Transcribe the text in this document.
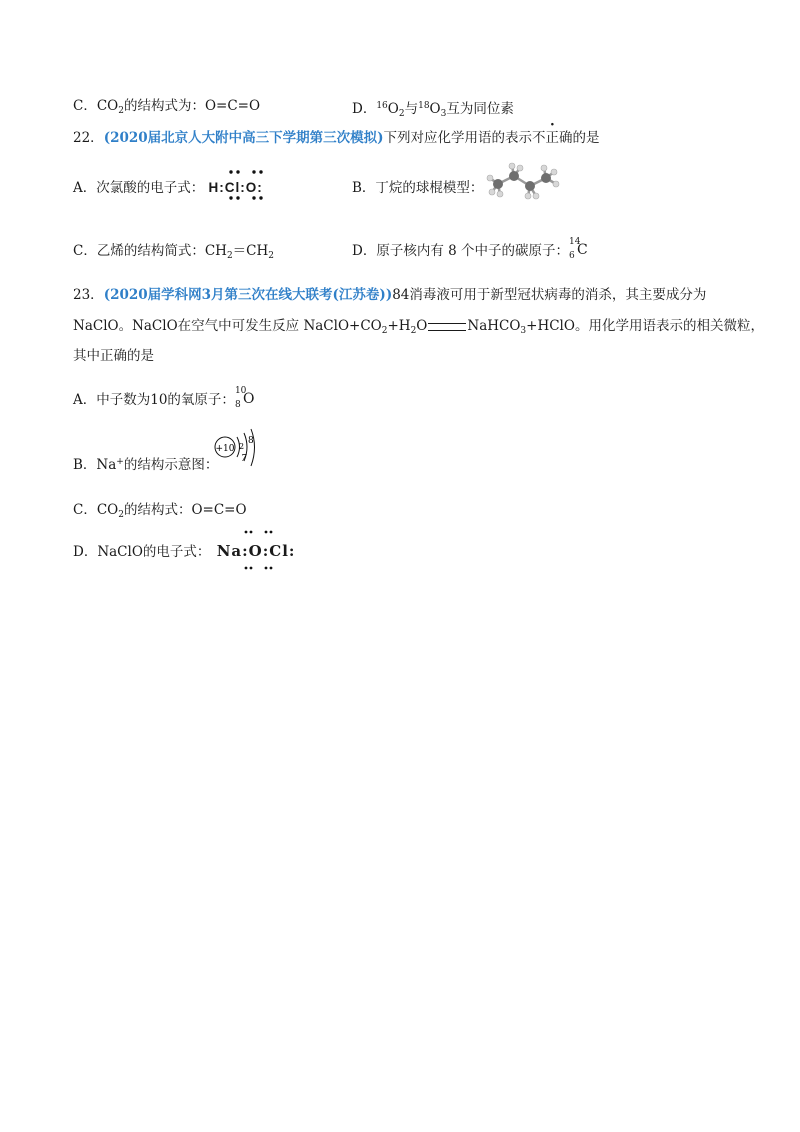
C．$CO_2$的结构式为：O=C=O	D．$^{16}O_2$与$^{18}O_3$互为同位素
22．(2020届北京人大附中高三下学期第三次模拟)下列对应化学用语的表示不正确的是
A．次氯酸的电子式： H:Cl:O:	B．丁烷的球棍模型：
C．乙烯的结构简式：$CH_2=CH_2$	D．原子核内有 8 个中子的碳原子：
14
6 C
23．(2020届学科网3月第三次在线大联考(江苏卷))84消毒液可用于新型冠状病毒的消杀，其主要成分为
NaClO。NaClO在空气中可发生反应 $NaClO+CO_2+H_2O$	NaHCO$_3$+HClO。用化学用语表示的相关微粒，
其中正确的是
A．中子数为10的氧原子：
10
8 O
B．Na+的结构示意图：
+10 2
7
8
C．$CO_2$的结构式：O=C=O
D．NaClO的电子式： Na:O:Cl:
